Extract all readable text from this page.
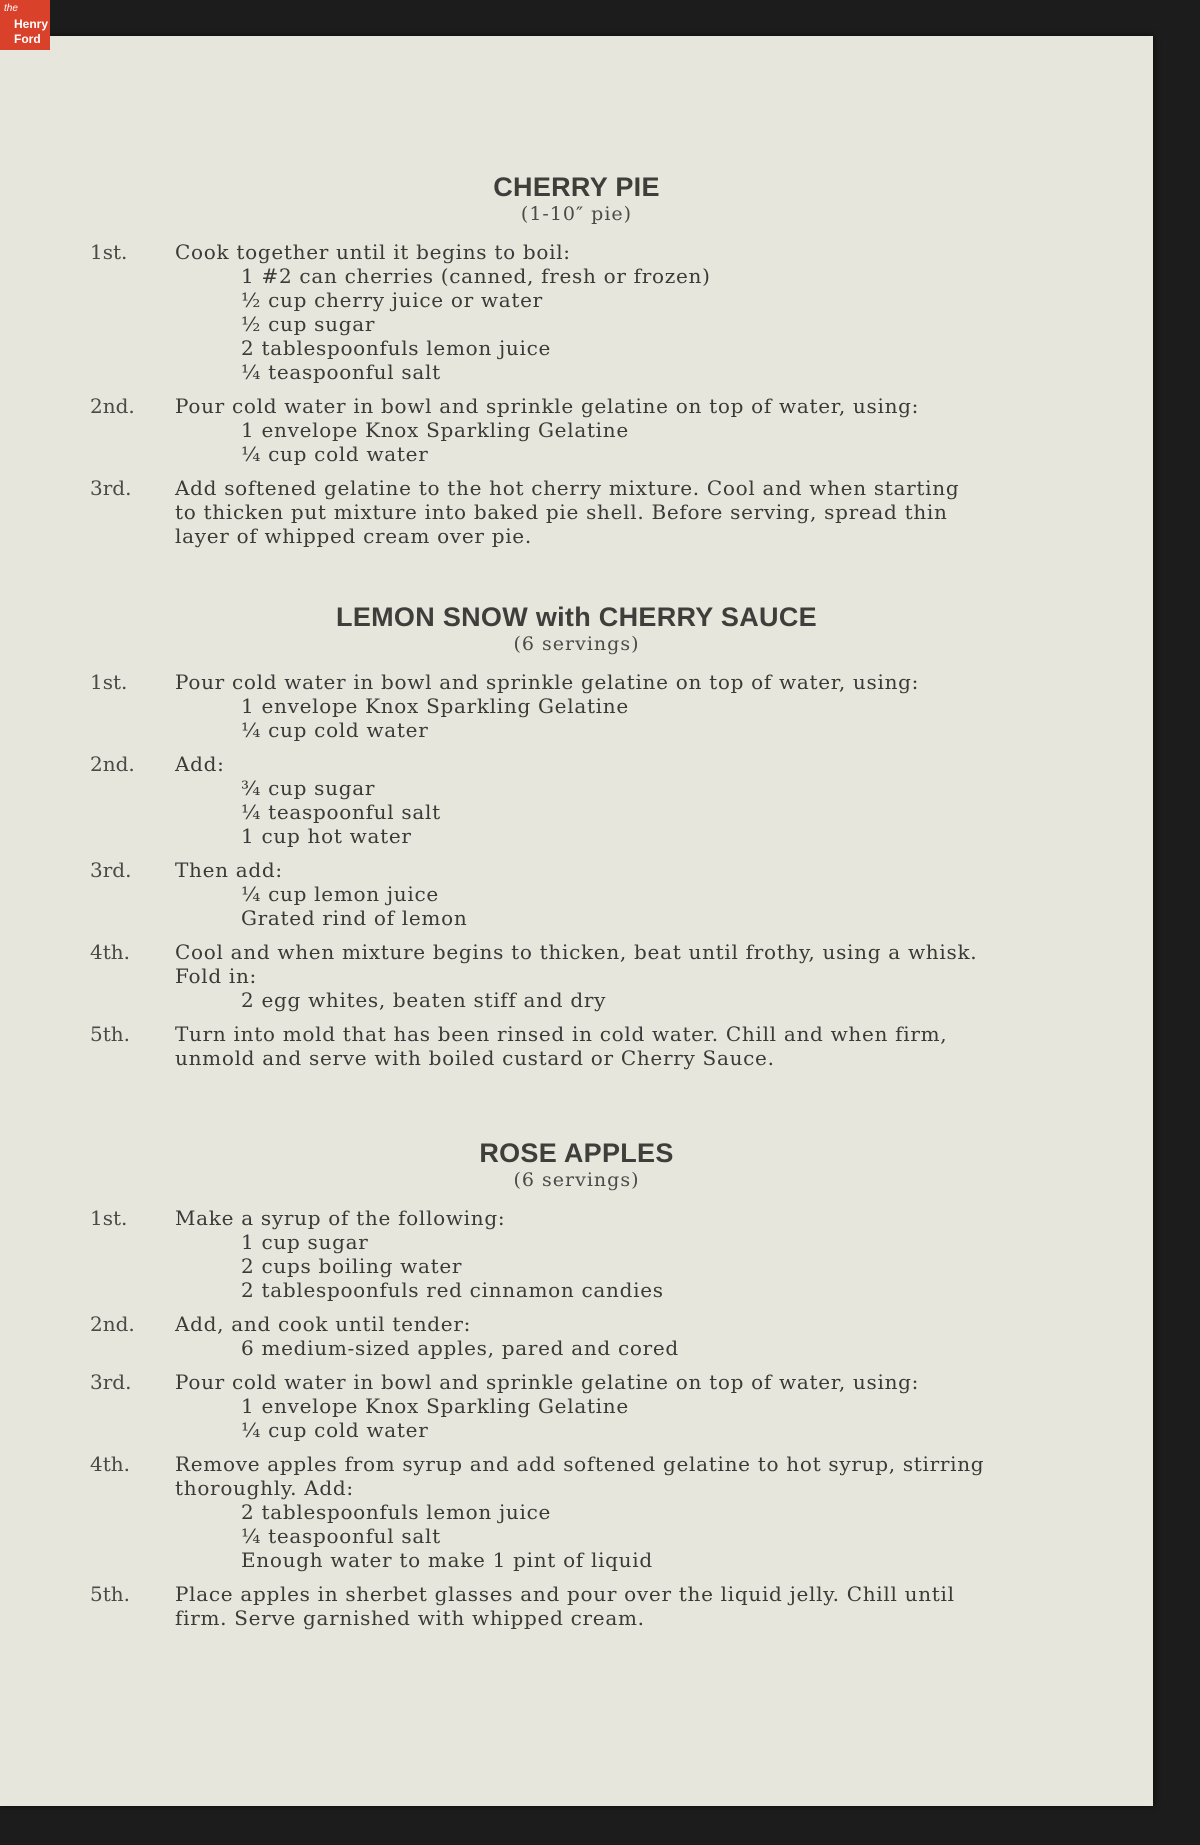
the
Henry
Ford
CHERRY PIE
(1-10″ pie)
1st. Cook together until it begins to boil:
1 #2 can cherries (canned, fresh or frozen)
½ cup cherry juice or water
½ cup sugar
2 tablespoonfuls lemon juice
¼ teaspoonful salt
2nd. Pour cold water in bowl and sprinkle gelatine on top of water, using:
1 envelope Knox Sparkling Gelatine
¼ cup cold water
3rd. Add softened gelatine to the hot cherry mixture. Cool and when starting
to thicken put mixture into baked pie shell. Before serving, spread thin
layer of whipped cream over pie.
LEMON SNOW with CHERRY SAUCE
(6 servings)
1st. Pour cold water in bowl and sprinkle gelatine on top of water, using:
1 envelope Knox Sparkling Gelatine
¼ cup cold water
2nd. Add:
¾ cup sugar
¼ teaspoonful salt
1 cup hot water
3rd. Then add:
¼ cup lemon juice
Grated rind of lemon
4th. Cool and when mixture begins to thicken, beat until frothy, using a whisk.
Fold in:
2 egg whites, beaten stiff and dry
5th. Turn into mold that has been rinsed in cold water. Chill and when firm,
unmold and serve with boiled custard or Cherry Sauce.
ROSE APPLES
(6 servings)
1st. Make a syrup of the following:
1 cup sugar
2 cups boiling water
2 tablespoonfuls red cinnamon candies
2nd. Add, and cook until tender:
6 medium-sized apples, pared and cored
3rd. Pour cold water in bowl and sprinkle gelatine on top of water, using:
1 envelope Knox Sparkling Gelatine
¼ cup cold water
4th. Remove apples from syrup and add softened gelatine to hot syrup, stirring
thoroughly. Add:
2 tablespoonfuls lemon juice
¼ teaspoonful salt
Enough water to make 1 pint of liquid
5th. Place apples in sherbet glasses and pour over the liquid jelly. Chill until
firm. Serve garnished with whipped cream.
